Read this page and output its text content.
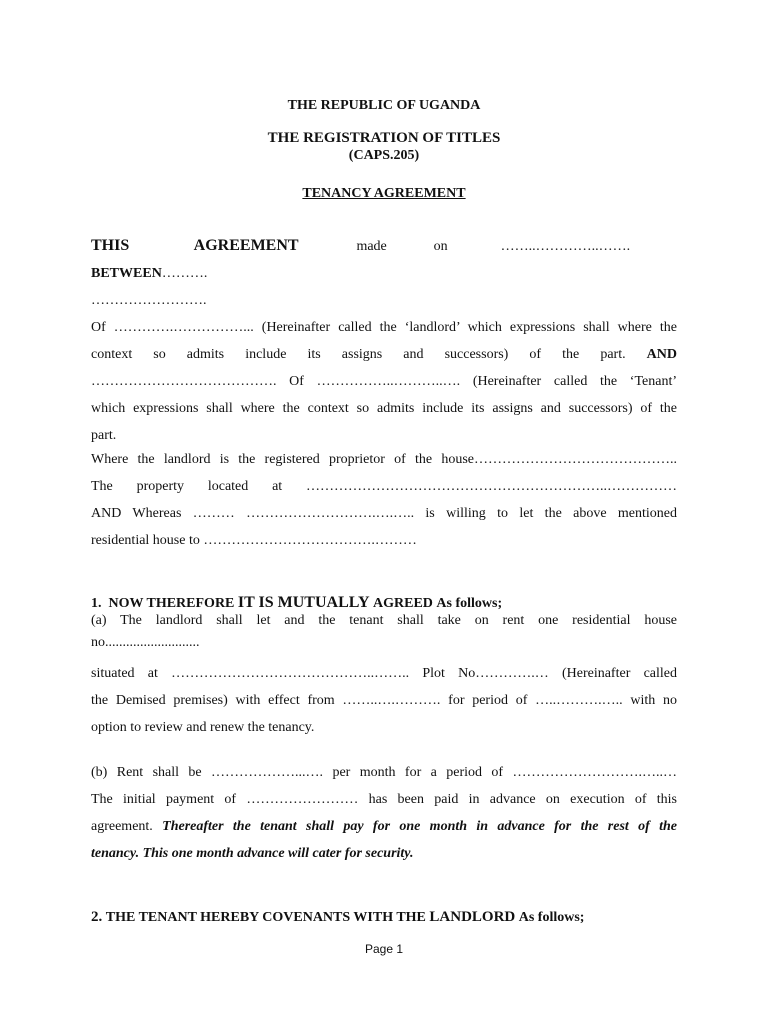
THE REPUBLIC OF UGANDA
THE REGISTRATION OF TITLES
(CAPS.205)
TENANCY AGREEMENT
THIS AGREEMENT	made on	……..…………..…….           BETWEEN……….
…………………….
Of ………….……………... (Hereinafter called the ‘landlord’ which expressions shall where the
context so admits include its assigns and successors) of the part. AND
…………………………………. Of ……………..………..…. (Hereinafter called the ‘Tenant’
which expressions shall where the context so admits include its assigns and successors) of the
part.
Where the landlord is the registered proprietor of the house……………………………………..
The property located at ………………………………………………………..……………
AND Whereas ……… ……………………….….….. is willing to let the above mentioned
residential house to ……………………………….………
1. NOW THEREFORE IT IS MUTUALLY AGREED As follows;
(a) The landlord shall let and the tenant shall take on rent one residential house
no...........................
situated at ……………………………………..…….. Plot No………….… (Hereinafter called
the Demised premises) with effect from ……..….………. for period of …..……….….. with no
option to review and renew the tenancy.
(b) Rent shall be ………………...…. per month for a period of ……………………….…..…
The initial payment of …………………… has been paid in advance on execution of this
agreement. Thereafter the tenant shall pay for one month in advance for the rest of the
tenancy. This one month advance will cater for security.
2. THE TENANT HEREBY COVENANTS WITH THE LANDLORD As follows;
Page 1
